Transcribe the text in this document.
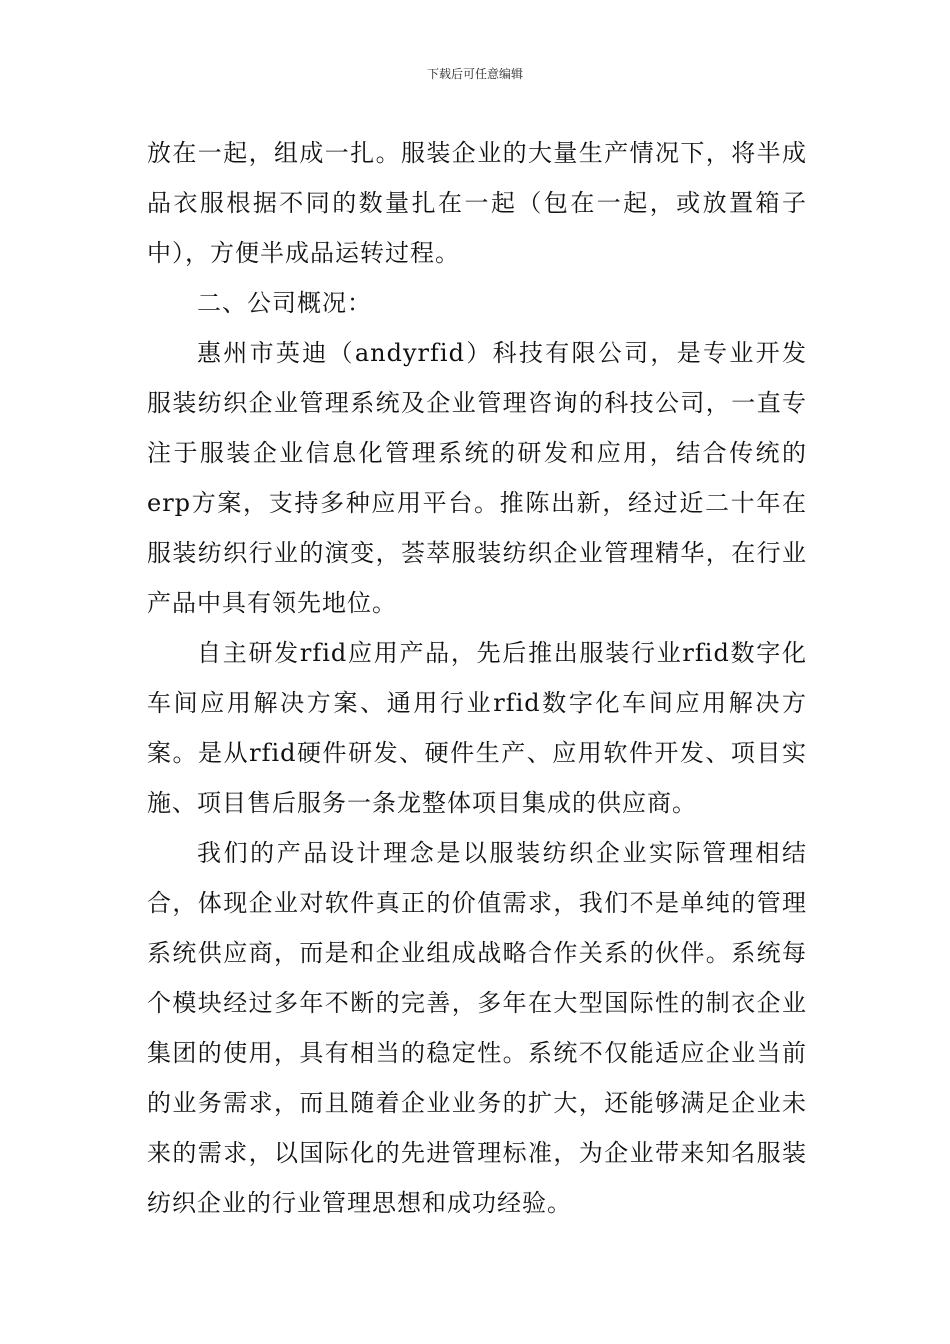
下载后可任意编辑

放在一起，组成一扎。服装企业的大量生产情况下，将半成品衣服根据不同的数量扎在一起（包在一起，或放置箱子中），方便半成品运转过程。

二、公司概况：

惠州市英迪（andyrfid）科技有限公司，是专业开发服装纺织企业管理系统及企业管理咨询的科技公司，一直专注于服装企业信息化管理系统的研发和应用，结合传统的erp方案，支持多种应用平台。推陈出新，经过近二十年在服装纺织行业的演变，荟萃服装纺织企业管理精华，在行业产品中具有领先地位。

自主研发rfid应用产品，先后推出服装行业rfid数字化车间应用解决方案、通用行业rfid数字化车间应用解决方案。是从rfid硬件研发、硬件生产、应用软件开发、项目实施、项目售后服务一条龙整体项目集成的供应商。

我们的产品设计理念是以服装纺织企业实际管理相结合，体现企业对软件真正的价值需求，我们不是单纯的管理系统供应商，而是和企业组成战略合作关系的伙伴。系统每个模块经过多年不断的完善，多年在大型国际性的制衣企业集团的使用，具有相当的稳定性。系统不仅能适应企业当前的业务需求，而且随着企业业务的扩大，还能够满足企业未来的需求，以国际化的先进管理标准，为企业带来知名服装纺织企业的行业管理思想和成功经验。
